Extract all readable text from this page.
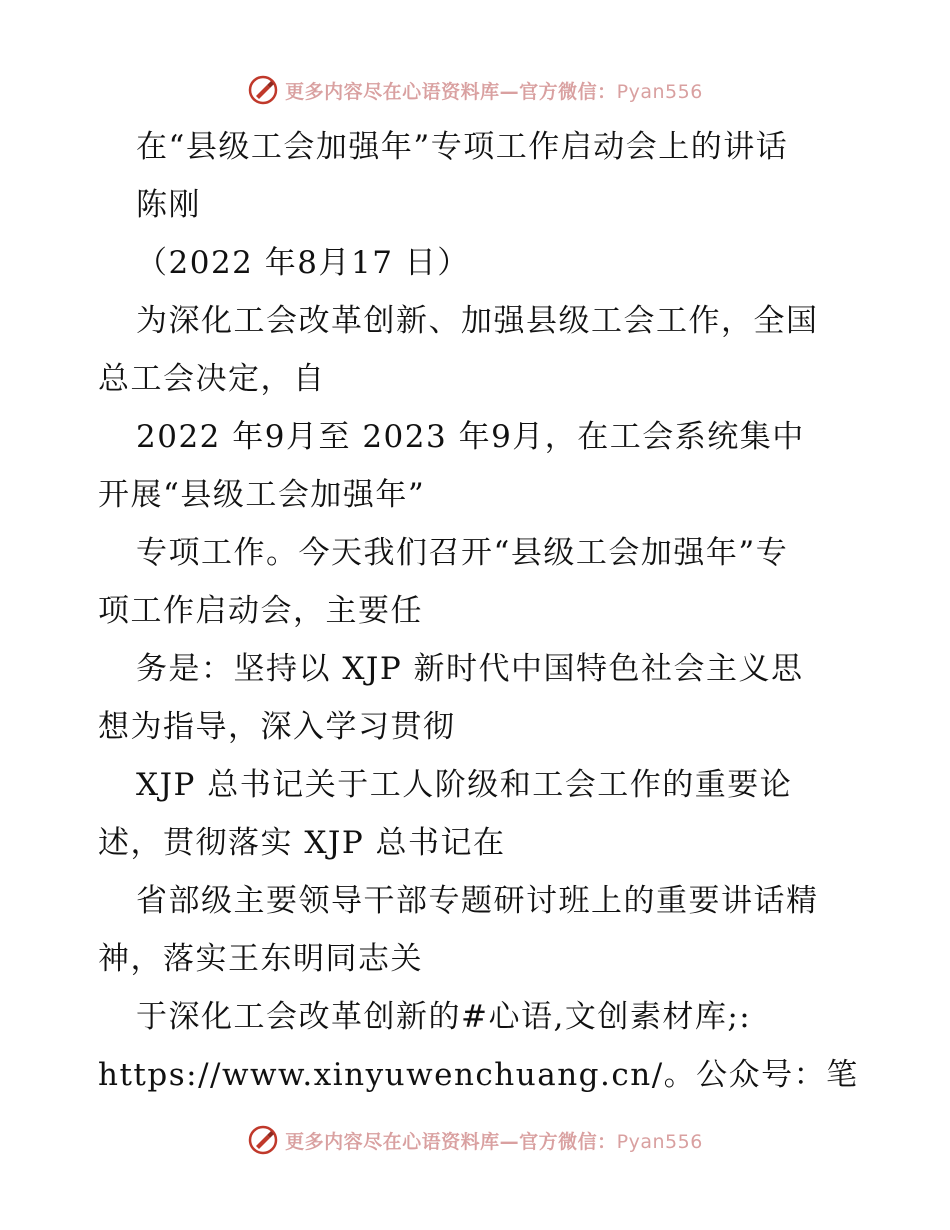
更多内容尽在心语资料库—官方微信：Pyan556
在“县级工会加强年”专项工作启动会上的讲话
陈刚
（2022 年8月17 日）
为深化工会改革创新、加强县级工会工作，全国
总工会决定，自
2022 年9月至 2023 年9月，在工会系统集中
开展“县级工会加强年”
专项工作。今天我们召开“县级工会加强年”专
项工作启动会，主要任
务是：坚持以 XJP 新时代中国特色社会主义思
想为指导，深入学习贯彻
XJP 总书记关于工人阶级和工会工作的重要论
述，贯彻落实 XJP 总书记在
省部级主要领导干部专题研讨班上的重要讲话精
神，落实王东明同志关
于深化工会改革创新的#心语,文创素材库;:
https://www.xinyuwenchuang.cn/。公众号：笔
更多内容尽在心语资料库—官方微信：Pyan556
